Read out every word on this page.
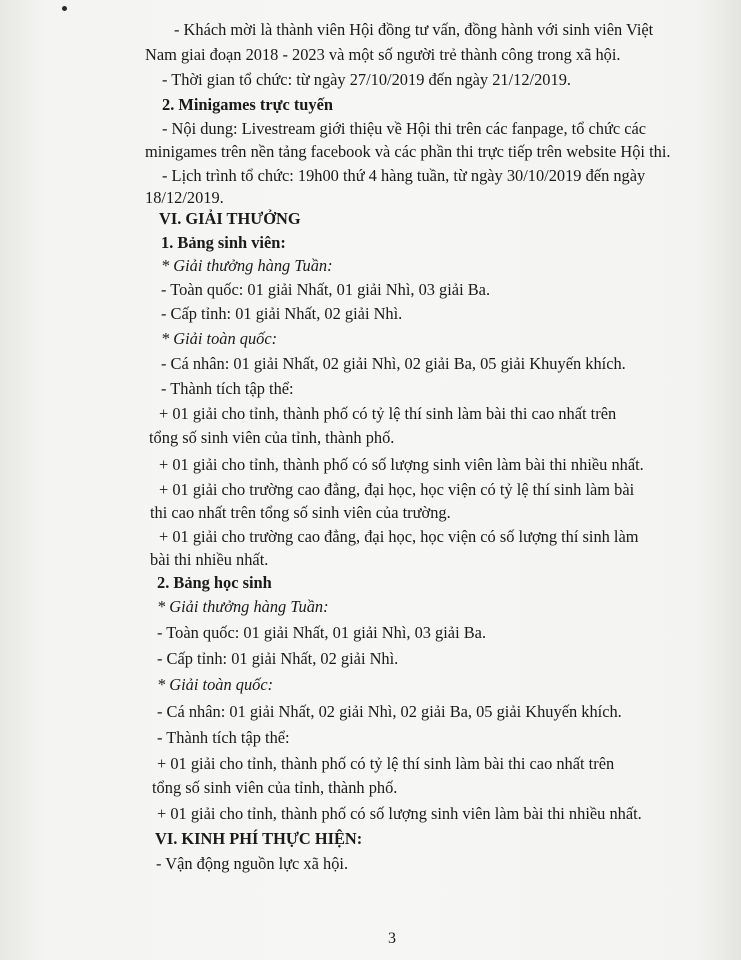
- Khách mời là thành viên Hội đồng tư vấn, đồng hành với sinh viên Việt
Nam giai đoạn 2018 - 2023 và một số người trẻ thành công trong xã hội.
- Thời gian tổ chức: từ ngày 27/10/2019 đến ngày 21/12/2019.
2. Minigames trực tuyến
- Nội dung: Livestream giới thiệu về Hội thi trên các fanpage, tổ chức các
minigames trên nền tảng facebook và các phần thi trực tiếp trên website Hội thi.
- Lịch trình tổ chức: 19h00 thứ 4 hàng tuần, từ ngày 30/10/2019 đến ngày
18/12/2019.
VI. GIẢI THƯỞNG
1. Bảng sinh viên:
* Giải thưởng hàng Tuần:
- Toàn quốc: 01 giải Nhất, 01 giải Nhì, 03 giải Ba.
- Cấp tỉnh: 01 giải Nhất, 02 giải Nhì.
* Giải toàn quốc:
- Cá nhân: 01 giải Nhất, 02 giải Nhì, 02 giải Ba, 05 giải Khuyến khích.
- Thành tích tập thể:
+ 01 giải cho tỉnh, thành phố có tỷ lệ thí sinh làm bài thi cao nhất trên
tổng số sinh viên của tỉnh, thành phố.
+ 01 giải cho tỉnh, thành phố có số lượng sinh viên làm bài thi nhiều nhất.
+ 01 giải cho trường cao đẳng, đại học, học viện có tỷ lệ thí sinh làm bài
thi cao nhất trên tổng số sinh viên của trường.
+ 01 giải cho trường cao đẳng, đại học, học viện có số lượng thí sinh làm
bài thi nhiều nhất.
2. Bảng học sinh
* Giải thưởng hàng Tuần:
- Toàn quốc: 01 giải Nhất, 01 giải Nhì, 03 giải Ba.
- Cấp tỉnh: 01 giải Nhất, 02 giải Nhì.
* Giải toàn quốc:
- Cá nhân: 01 giải Nhất, 02 giải Nhì, 02 giải Ba, 05 giải Khuyến khích.
- Thành tích tập thể:
+ 01 giải cho tỉnh, thành phố có tỷ lệ thí sinh làm bài thi cao nhất trên
tổng số sinh viên của tỉnh, thành phố.
+ 01 giải cho tỉnh, thành phố có số lượng sinh viên làm bài thi nhiều nhất.
VI. KINH PHÍ THỰC HIỆN:
- Vận động nguồn lực xã hội.
3
